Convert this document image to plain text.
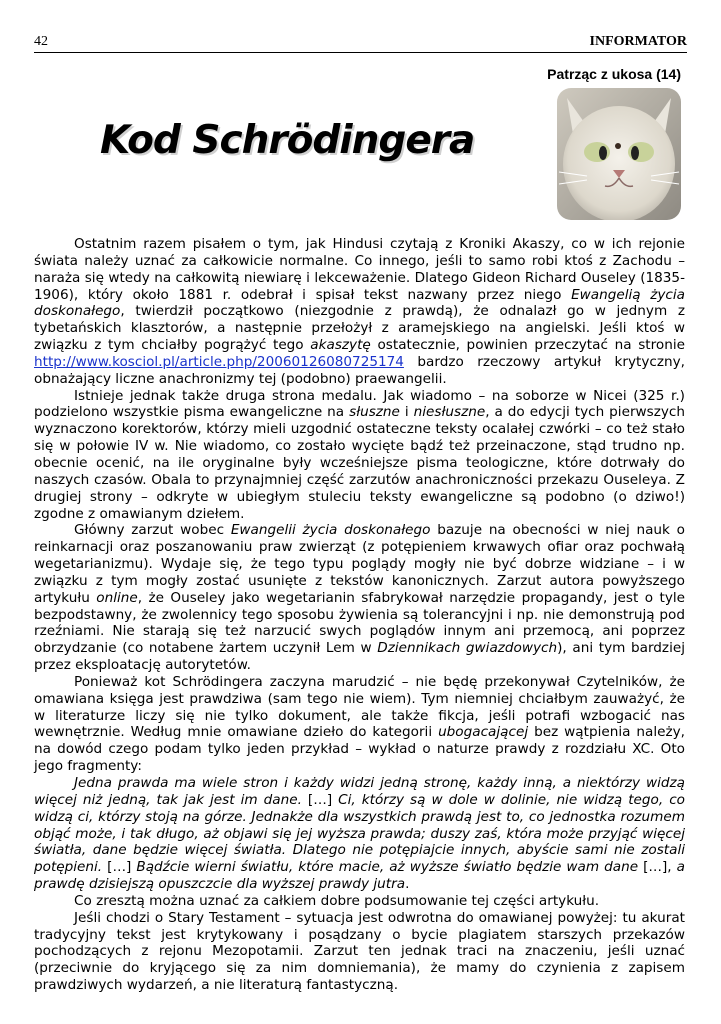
42	INFORMATOR
Patrząc z ukosa (14)
Kod Schrödingera

Ostatnim razem pisałem o tym, jak Hindusi czytają z Kroniki Akaszy, co w ich rejonie świata należy uznać za całkowicie normalne. Co innego, jeśli to samo robi ktoś z Zachodu – naraża się wtedy na całkowitą niewiarę i lekceważenie. Dlatego Gideon Richard Ouseley (1835-1906), który około 1881 r. odebrał i spisał tekst nazwany przez niego Ewangelią życia doskonałego, twierdził początkowo (niezgodnie z prawdą), że odnalazł go w jednym z tybetańskich klasztorów, a następnie przełożył z aramejskiego na angielski. Jeśli ktoś w związku z tym chciałby pogrążyć tego akaszytę ostatecznie, powinien przeczytać na stronie http://www.kosciol.pl/article.php/20060126080725174 bardzo rzeczowy artykuł krytyczny, obnażający liczne anachronizmy tej (podobno) praewangelii.

Istnieje jednak także druga strona medalu. Jak wiadomo – na soborze w Nicei (325 r.) podzielono wszystkie pisma ewangeliczne na słuszne i niesłuszne, a do edycji tych pierwszych wyznaczono korektorów, którzy mieli uzgodnić ostateczne teksty ocalałej czwórki – co też stało się w połowie IV w. Nie wiadomo, co zostało wycięte bądź też przeinaczone, stąd trudno np. obecnie ocenić, na ile oryginalne były wcześniejsze pisma teologiczne, które dotrwały do naszych czasów. Obala to przynajmniej część zarzutów anachroniczności przekazu Ouseleya. Z drugiej strony – odkryte w ubiegłym stuleciu teksty ewangeliczne są podobno (o dziwo!) zgodne z omawianym dziełem.

Główny zarzut wobec Ewangelii życia doskonałego bazuje na obecności w niej nauk o reinkarnacji oraz poszanowaniu praw zwierząt (z potępieniem krwawych ofiar oraz pochwałą wegetarianizmu). Wydaje się, że tego typu poglądy mogły nie być dobrze widziane – i w związku z tym mogły zostać usunięte z tekstów kanonicznych. Zarzut autora powyższego artykułu online, że Ouseley jako wegetarianin sfabrykował narzędzie propagandy, jest o tyle bezpodstawny, że zwolennicy tego sposobu żywienia są tolerancyjni i np. nie demonstrują pod rzeźniami. Nie starają się też narzucić swych poglądów innym ani przemocą, ani poprzez obrzydzanie (co notabene żartem uczynił Lem w Dziennikach gwiazdowych), ani tym bardziej przez eksploatację autorytetów.

Ponieważ kot Schrödingera zaczyna marudzić – nie będę przekonywał Czytelników, że omawiana księga jest prawdziwa (sam tego nie wiem). Tym niemniej chciałbym zauważyć, że w literaturze liczy się nie tylko dokument, ale także fikcja, jeśli potrafi wzbogacić nas wewnętrznie. Według mnie omawiane dzieło do kategorii ubogacającej bez wątpienia należy, na dowód czego podam tylko jeden przykład – wykład o naturze prawdy z rozdziału XC. Oto jego fragmenty:

Jedna prawda ma wiele stron i każdy widzi jedną stronę, każdy inną, a niektórzy widzą więcej niż jedną, tak jak jest im dane. […] Ci, którzy są w dole w dolinie, nie widzą tego, co widzą ci, którzy stoją na górze. Jednakże dla wszystkich prawdą jest to, co jednostka rozumem objąć może, i tak długo, aż objawi się jej wyższa prawda; duszy zaś, która może przyjąć więcej światła, dane będzie więcej światła. Dlatego nie potępiajcie innych, abyście sami nie zostali potępieni. […] Bądźcie wierni światłu, które macie, aż wyższe światło będzie wam dane […], a prawdę dzisiejszą opuszczcie dla wyższej prawdy jutra.

Co zresztą można uznać za całkiem dobre podsumowanie tej części artykułu.

Jeśli chodzi o Stary Testament – sytuacja jest odwrotna do omawianej powyżej: tu akurat tradycyjny tekst jest krytykowany i posądzany o bycie plagiatem starszych przekazów pochodzących z rejonu Mezopotamii. Zarzut ten jednak traci na znaczeniu, jeśli uznać (przeciwnie do kryjącego się za nim domniemania), że mamy do czynienia z zapisem prawdziwych wydarzeń, a nie literaturą fantastyczną.
